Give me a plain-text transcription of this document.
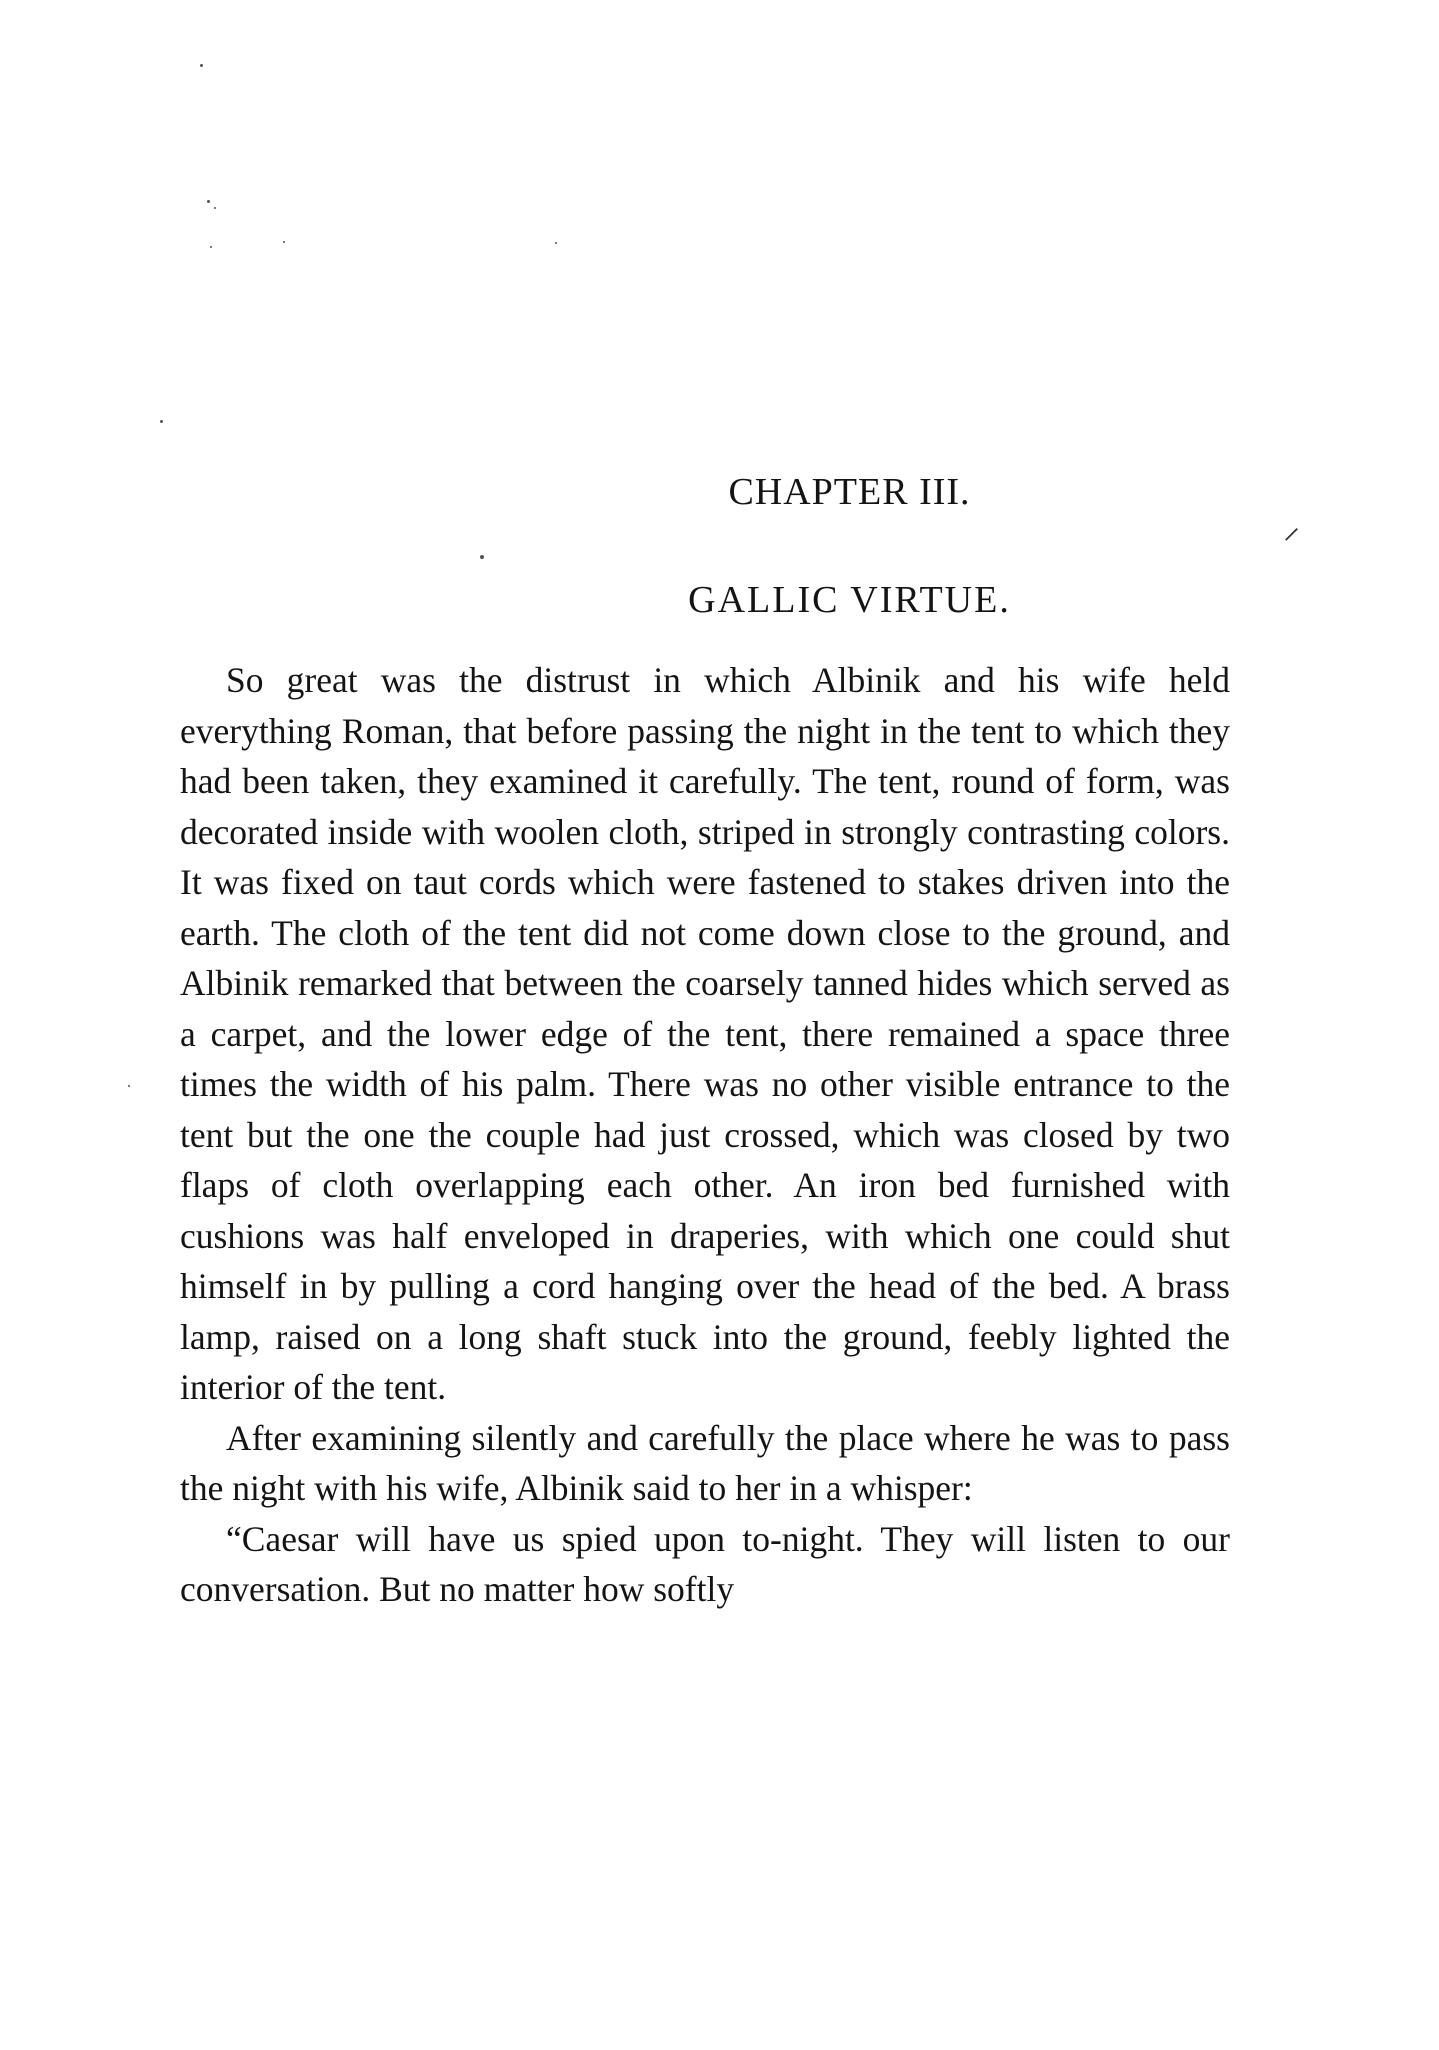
⸝
CHAPTER III.
GALLIC VIRTUE.

So great was the distrust in which Albinik and his wife held everything Roman, that before passing the night in the tent to which they had been taken, they examined it carefully. The tent, round of form, was decorated inside with woolen cloth, striped in strongly contrasting colors. It was fixed on taut cords which were fastened to stakes driven into the earth. The cloth of the tent did not come down close to the ground, and Albinik remarked that between the coarsely tanned hides which served as a carpet, and the lower edge of the tent, there remained a space three times the width of his palm. There was no other visible entrance to the tent but the one the couple had just crossed, which was closed by two flaps of cloth overlapping each other. An iron bed furnished with cushions was half enveloped in draperies, with which one could shut himself in by pulling a cord hanging over the head of the bed. A brass lamp, raised on a long shaft stuck into the ground, feebly lighted the interior of the tent.

After examining silently and carefully the place where he was to pass the night with his wife, Albinik said to her in a whisper:

“Caesar will have us spied upon to-night. They will listen to our conversation. But no matter how softly
